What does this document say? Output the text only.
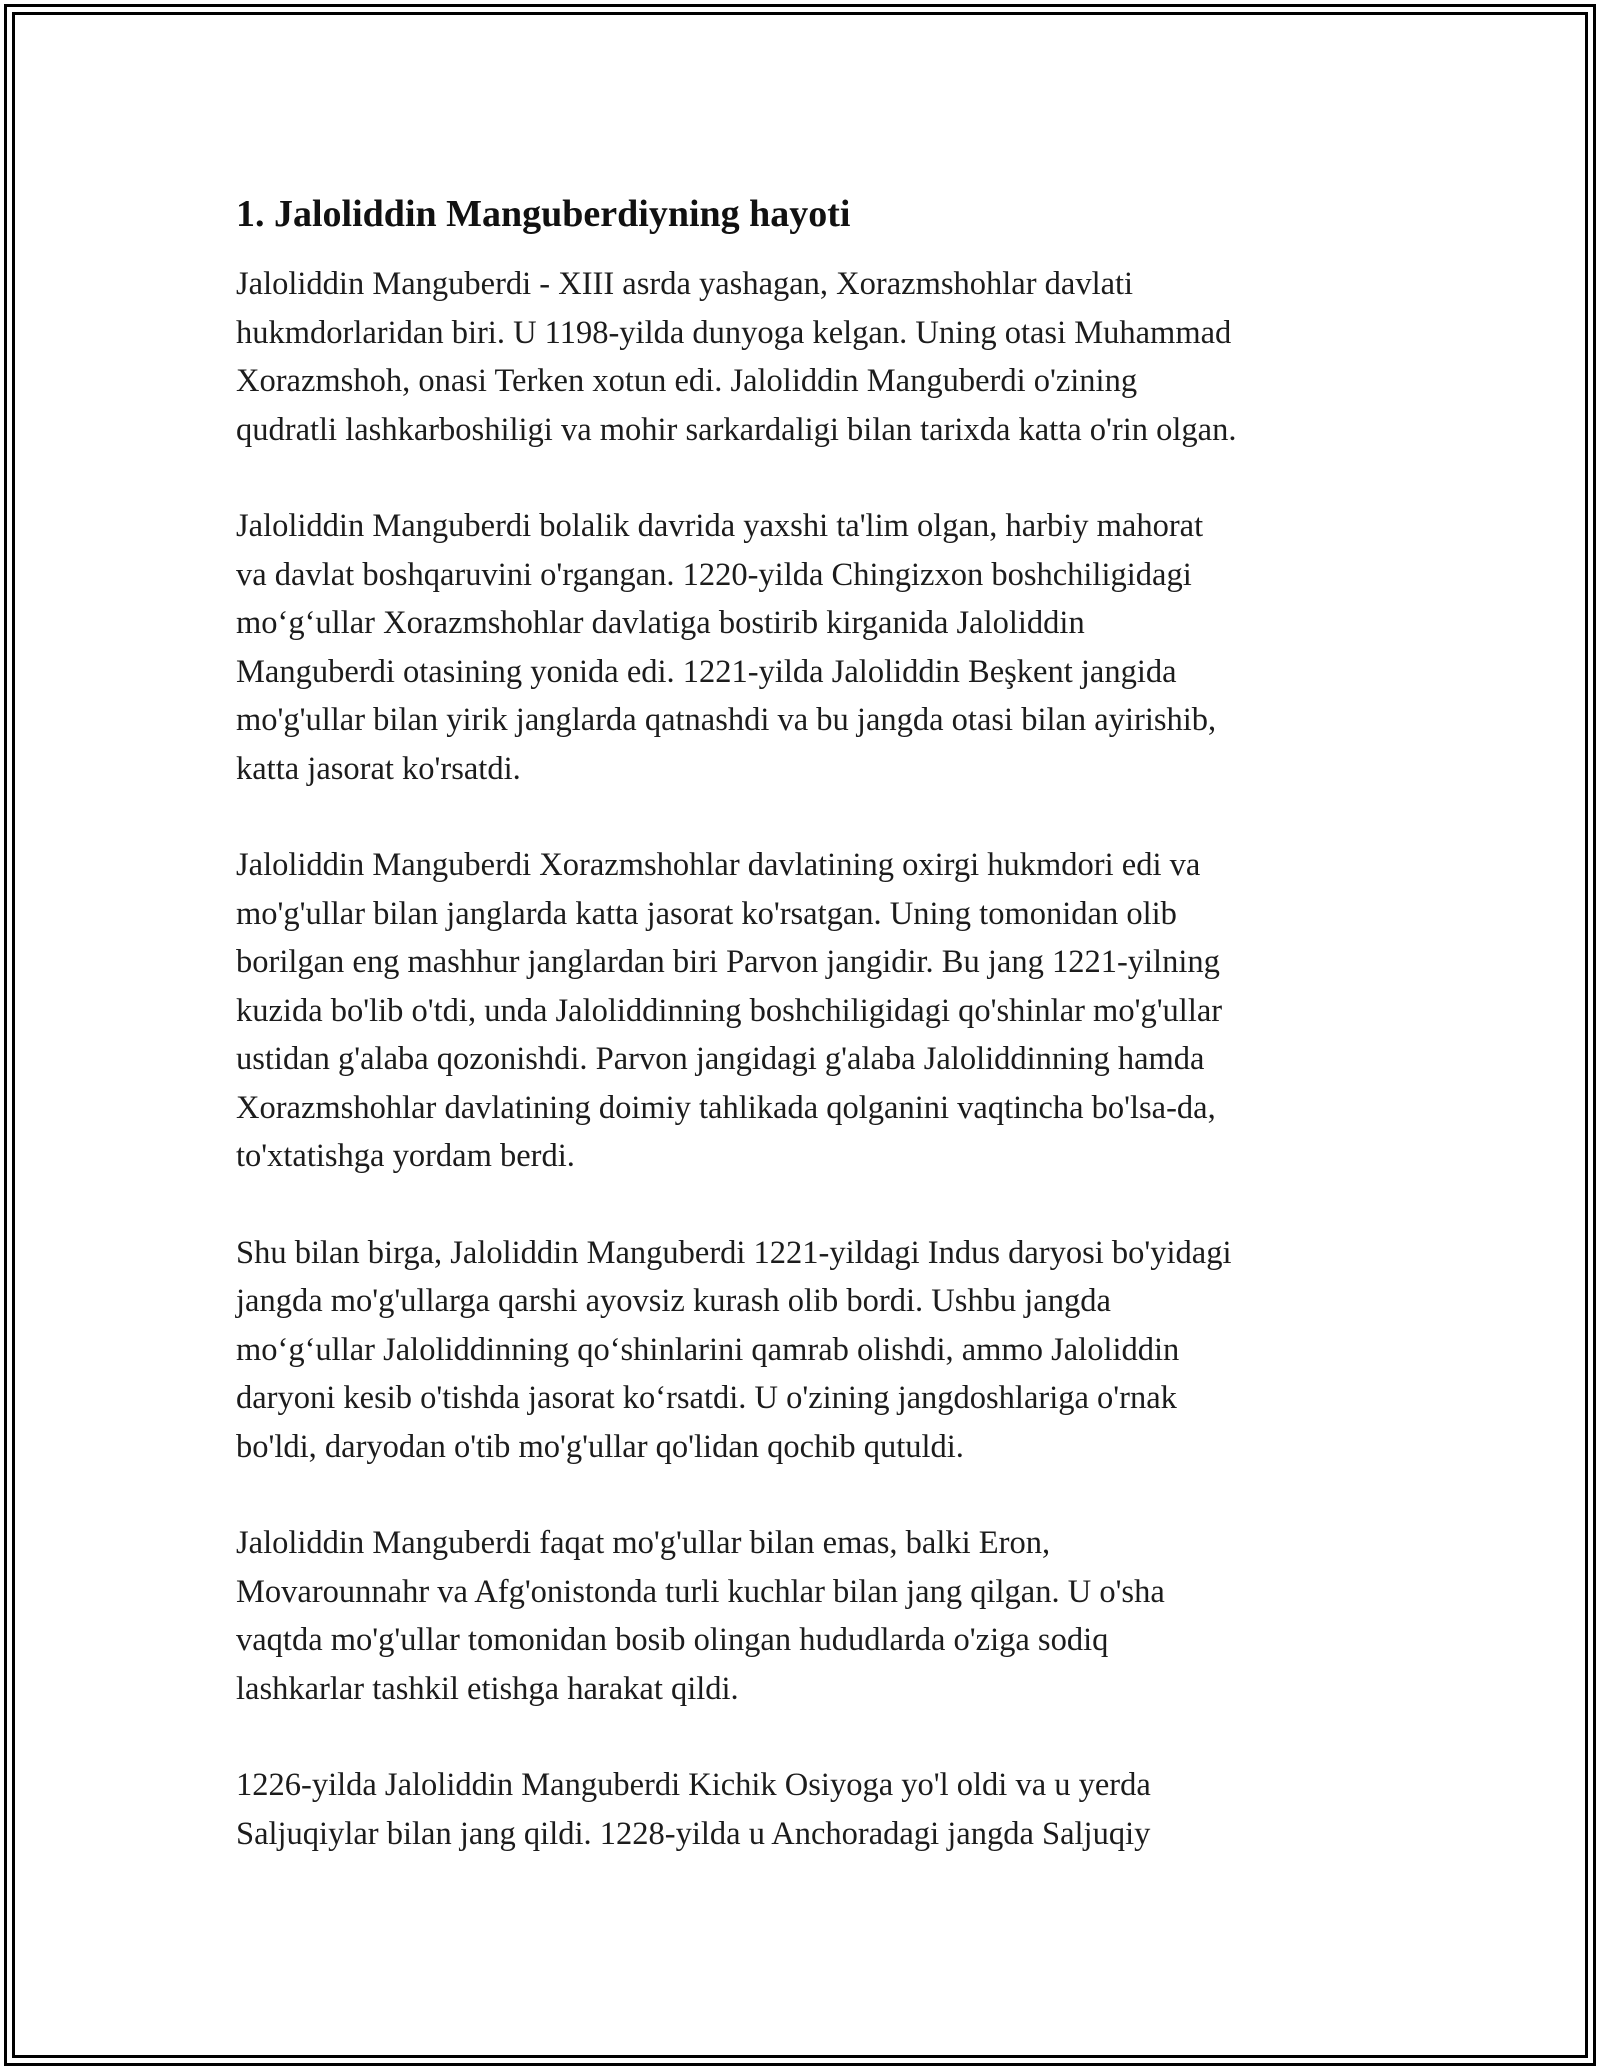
1. Jaloliddin Manguberdiyning hayoti

Jaloliddin Manguberdi - XIII asrda yashagan, Xorazmshohlar davlati
hukmdorlaridan biri. U 1198-yilda dunyoga kelgan. Uning otasi Muhammad
Xorazmshoh, onasi Terken xotun edi. Jaloliddin Manguberdi o'zining
qudratli lashkarboshiligi va mohir sarkardaligi bilan tarixda katta o'rin olgan.

Jaloliddin Manguberdi bolalik davrida yaxshi ta'lim olgan, harbiy mahorat
va davlat boshqaruvini o'rgangan. 1220-yilda Chingizxon boshchiligidagi
mo‘g‘ullar Xorazmshohlar davlatiga bostirib kirganida Jaloliddin
Manguberdi otasining yonida edi. 1221-yilda Jaloliddin Beşkent jangida
mo'g'ullar bilan yirik janglarda qatnashdi va bu jangda otasi bilan ayirishib,
katta jasorat ko'rsatdi.

Jaloliddin Manguberdi Xorazmshohlar davlatining oxirgi hukmdori edi va
mo'g'ullar bilan janglarda katta jasorat ko'rsatgan. Uning tomonidan olib
borilgan eng mashhur janglardan biri Parvon jangidir. Bu jang 1221-yilning
kuzida bo'lib o'tdi, unda Jaloliddinning boshchiligidagi qo'shinlar mo'g'ullar
ustidan g'alaba qozonishdi. Parvon jangidagi g'alaba Jaloliddinning hamda
Xorazmshohlar davlatining doimiy tahlikada qolganini vaqtincha bo'lsa-da,
to'xtatishga yordam berdi.

Shu bilan birga, Jaloliddin Manguberdi 1221-yildagi Indus daryosi bo'yidagi
jangda mo'g'ullarga qarshi ayovsiz kurash olib bordi. Ushbu jangda
mo‘g‘ullar Jaloliddinning qo‘shinlarini qamrab olishdi, ammo Jaloliddin
daryoni kesib o'tishda jasorat ko‘rsatdi. U o'zining jangdoshlariga o'rnak
bo'ldi, daryodan o'tib mo'g'ullar qo'lidan qochib qutuldi.

Jaloliddin Manguberdi faqat mo'g'ullar bilan emas, balki Eron,
Movarounnahr va Afg'onistonda turli kuchlar bilan jang qilgan. U o'sha
vaqtda mo'g'ullar tomonidan bosib olingan hududlarda o'ziga sodiq
lashkarlar tashkil etishga harakat qildi.

1226-yilda Jaloliddin Manguberdi Kichik Osiyoga yo'l oldi va u yerda
Saljuqiylar bilan jang qildi. 1228-yilda u Anchoradagi jangda Saljuqiy
